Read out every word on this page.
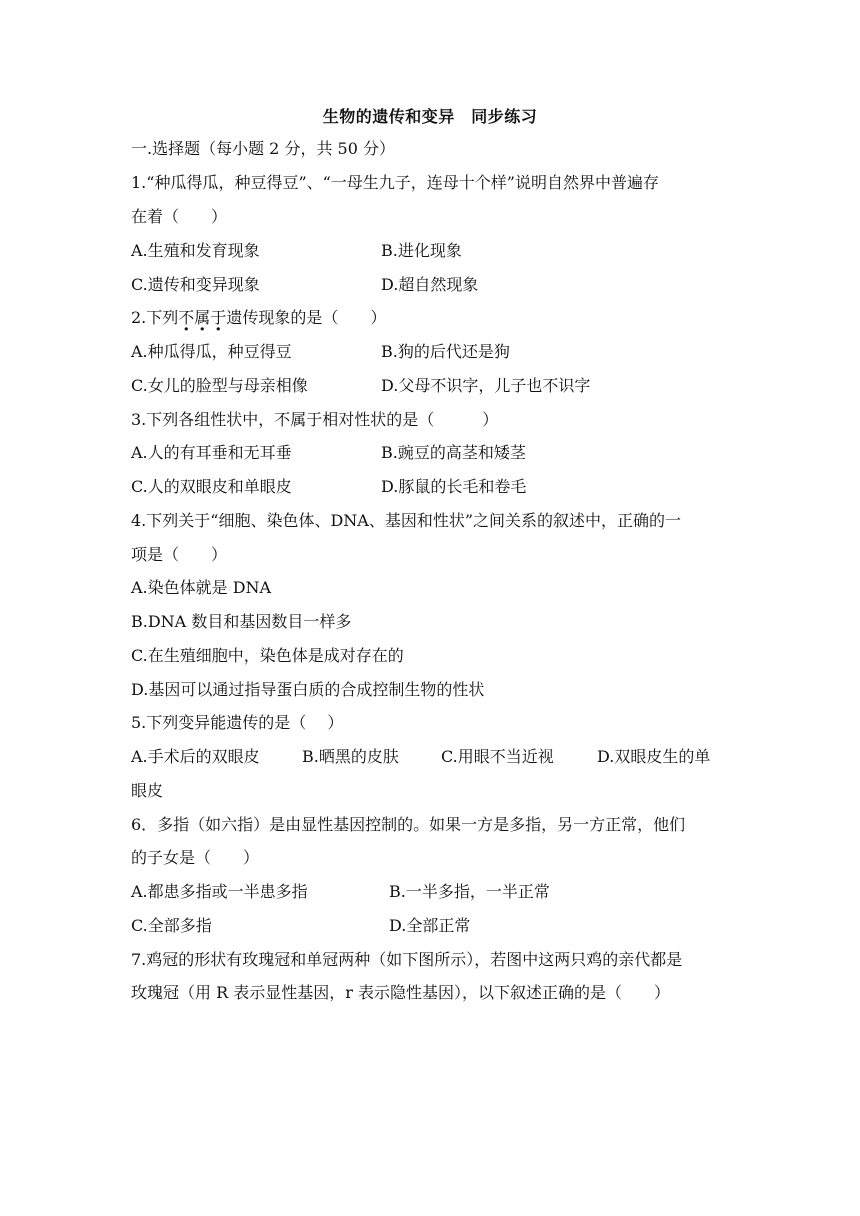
生物的遗传和变异　同步练习
一.选择题（每小题 2 分，共 50 分）
1.“种瓜得瓜，种豆得豆”、“一母生九子，连母十个样”说明自然界中普遍存
在着（　　）
A.生殖和发育现象	B.进化现象
C.遗传和变异现象	D.超自然现象
2.下列不属于遗传现象的是（　　）
A.种瓜得瓜，种豆得豆	B.狗的后代还是狗
C.女儿的脸型与母亲相像	D.父母不识字，儿子也不识字
3.下列各组性状中，不属于相对性状的是（　　　）
A.人的有耳垂和无耳垂	B.豌豆的高茎和矮茎
C.人的双眼皮和单眼皮	D.豚鼠的长毛和卷毛
4.下列关于“细胞、染色体、DNA、基因和性状”之间关系的叙述中，正确的一
项是（　　）
A.染色体就是 DNA
B.DNA 数目和基因数目一样多
C.在生殖细胞中，染色体是成对存在的
D.基因可以通过指导蛋白质的合成控制生物的性状
5.下列变异能遗传的是（　 ）
A.手术后的双眼皮	B.晒黑的皮肤	C.用眼不当近视	D.双眼皮生的单
眼皮
6．多指（如六指）是由显性基因控制的。如果一方是多指，另一方正常，他们
的子女是（　　）
A.都患多指或一半患多指	B.一半多指，一半正常
C.全部多指	D.全部正常
7.鸡冠的形状有玫瑰冠和单冠两种（如下图所示），若图中这两只鸡的亲代都是
玫瑰冠（用 R 表示显性基因，r 表示隐性基因），以下叙述正确的是（　　）
